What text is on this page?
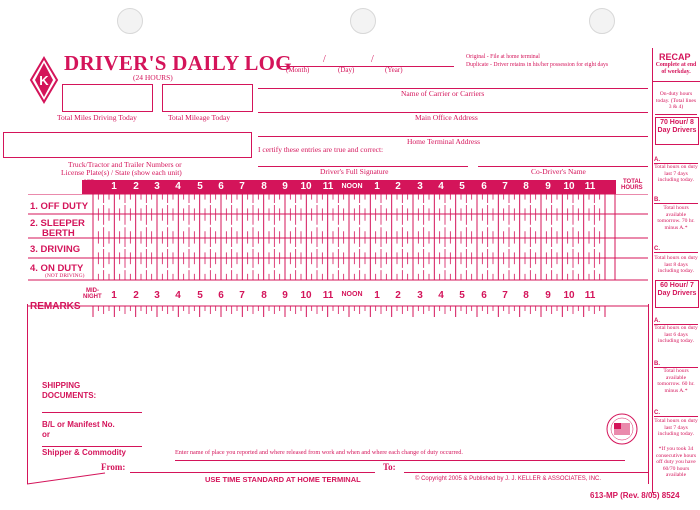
K
DRIVER'S DAILY LOG
(24 HOURS)
/	/
(Month)	(Day)	(Year)
Original - File at home terminal
Duplicate - Driver retains in his/her possession for eight days
Total Miles Driving Today	Total Mileage Today
Name of Carrier or Carriers
Main Office Address
Home Terminal Address
Truck/Tractor and Trailer Numbers or
License Plate(s) / State (show each unit)
I certify these entries are true and correct:
Driver's Full Signature	Co-Driver's Name
1 2 3 4 5 6 7 8 9 10 11 NOON 1 2 3 4 5 6 7 8 9 10 11	TOTAL
HOURS
1. OFF DUTY
2. SLEEPER
BERTH
3. DRIVING
4. ON DUTY
(NOT DRIVING)
MID-
NIGHT 1 2 3 4 5 6 7 8 9 10 11 NOON 1 2 3 4 5 6 7 8 9 10 11
REMARKS
SHIPPING
DOCUMENTS:
B/L or Manifest No.
or
Shipper & Commodity	Enter name of place you reported and where released from work and when and where each change of duty occurred.
From:	To:
USE TIME STANDARD AT HOME TERMINAL	© Copyright 2005 & Published by J. J. KELLER & ASSOCIATES, INC.
613-MP (Rev. 8/05) 8524
RECAP
Complete at end of workday.
On-duty hours today. (Total lines 3 & 4)
70 Hour/ 8 Day Drivers
A.
Total hours on duty last 7 days including today.
B.
Total hours available tomorrow. 70 hr. minus A.*
C.
Total hours on duty last 8 days including today.
60 Hour/ 7 Day Drivers
A.
Total hours on duty last 6 days including today.
B.
Total hours available tomorrow. 60 hr. minus A.*
C.
Total hours on duty last 7 days including today.
*If you took 34 consecutive hours off duty you have 60/70 hours available
